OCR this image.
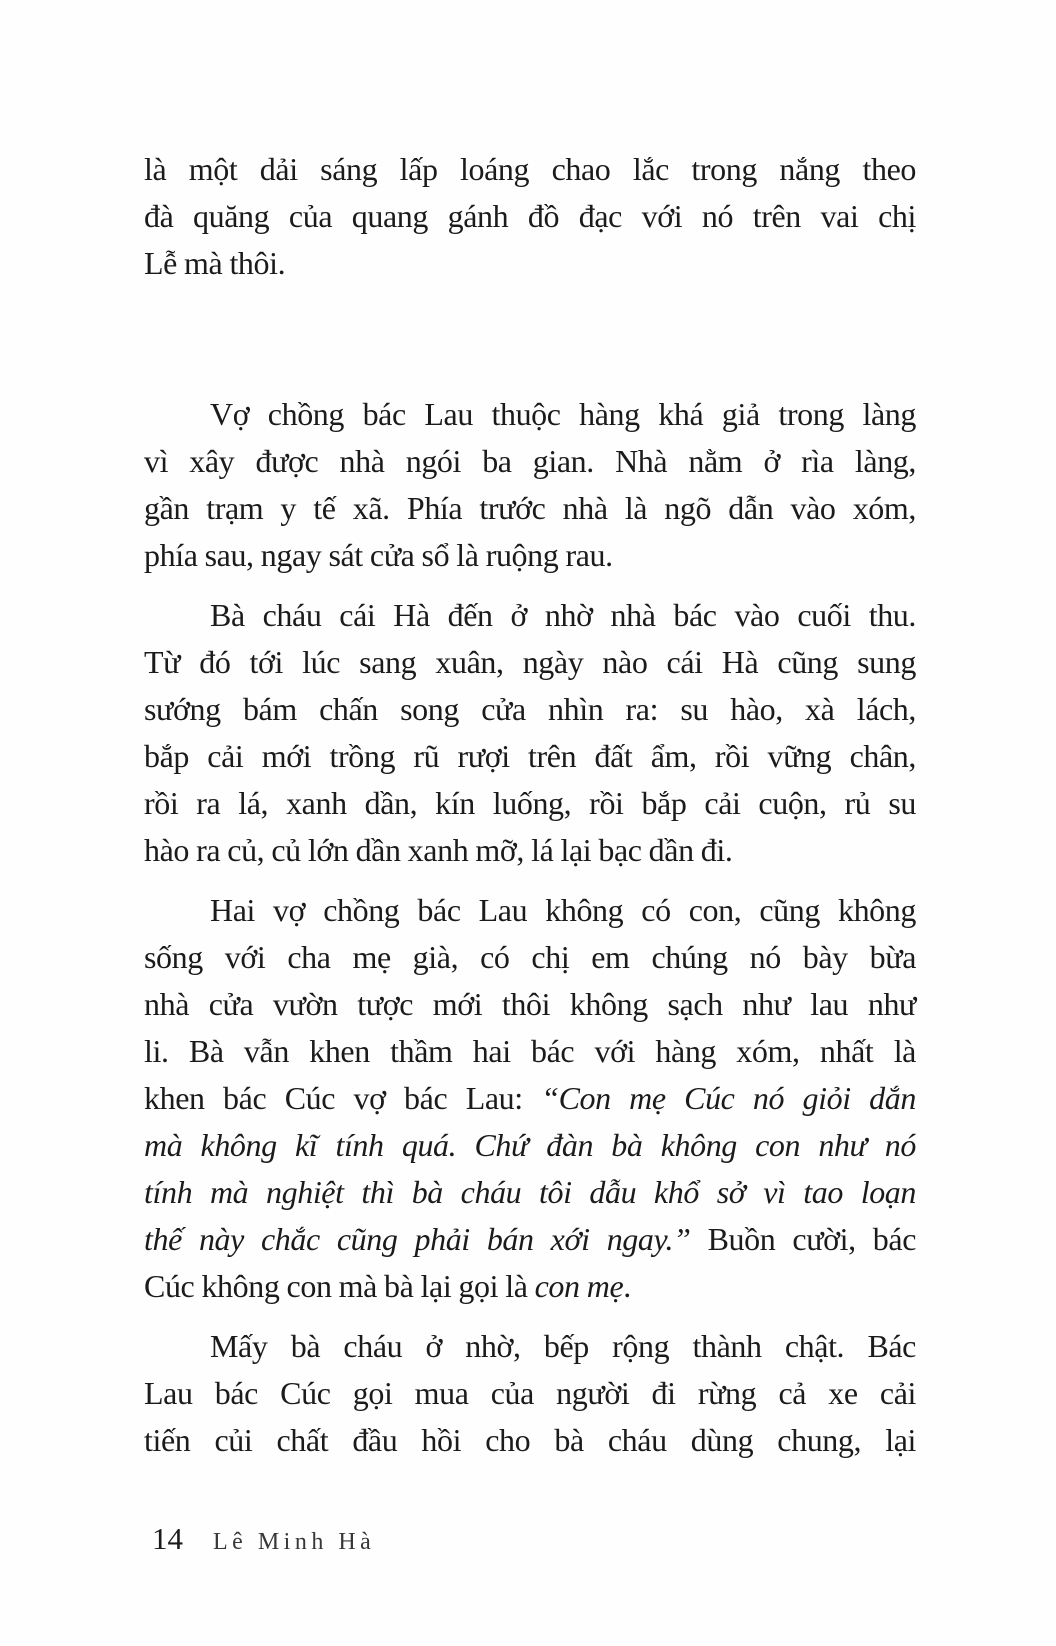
là một dải sáng lấp loáng chao lắc trong nắng theo
đà quăng của quang gánh đồ đạc với nó trên vai chị
Lễ mà thôi.
Vợ chồng bác Lau thuộc hàng khá giả trong làng
vì xây được nhà ngói ba gian. Nhà nằm ở rìa làng,
gần trạm y tế xã. Phía trước nhà là ngõ dẫn vào xóm,
phía sau, ngay sát cửa sổ là ruộng rau.
Bà cháu cái Hà đến ở nhờ nhà bác vào cuối thu.
Từ đó tới lúc sang xuân, ngày nào cái Hà cũng sung
sướng bám chấn song cửa nhìn ra: su hào, xà lách,
bắp cải mới trồng rũ rượi trên đất ẩm, rồi vững chân,
rồi ra lá, xanh dần, kín luống, rồi bắp cải cuộn, rủ su
hào ra củ, củ lớn dần xanh mỡ, lá lại bạc dần đi.
Hai vợ chồng bác Lau không có con, cũng không
sống với cha mẹ già, có chị em chúng nó bày bừa
nhà cửa vườn tược mới thôi không sạch như lau như
li. Bà vẫn khen thầm hai bác với hàng xóm, nhất là
khen bác Cúc vợ bác Lau: “Con mẹ Cúc nó giỏi dắn
mà không kĩ tính quá. Chứ đàn bà không con như nó
tính mà nghiệt thì bà cháu tôi dẫu khổ sở vì tao loạn
thế này chắc cũng phải bán xới ngay.” Buồn cười, bác
Cúc không con mà bà lại gọi là con mẹ.
Mấy bà cháu ở nhờ, bếp rộng thành chật. Bác
Lau bác Cúc gọi mua của người đi rừng cả xe cải
tiến củi chất đầu hồi cho bà cháu dùng chung, lại
14 Lê Minh Hà
